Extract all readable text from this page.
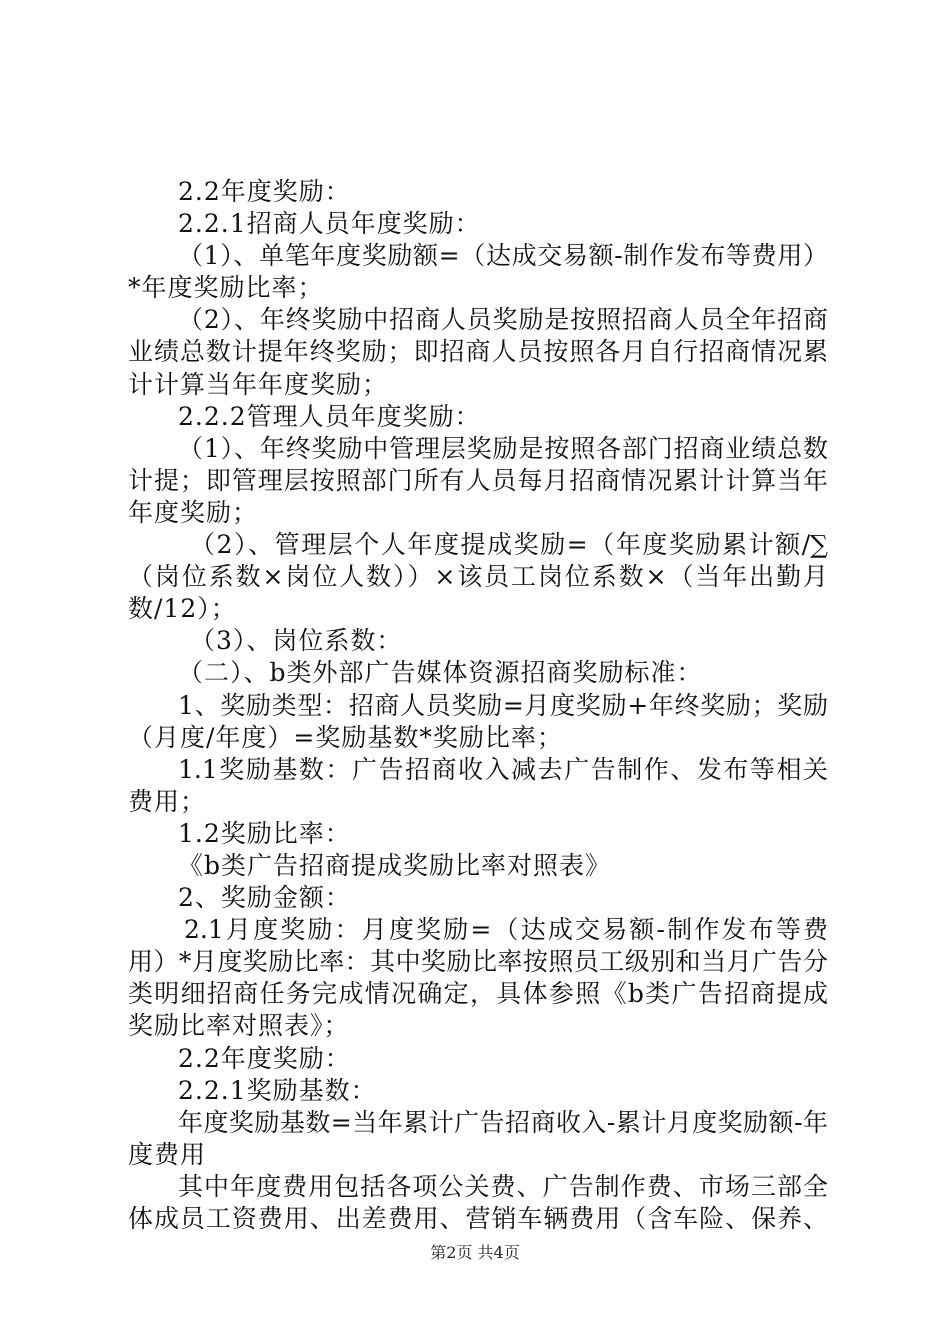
2.2年度奖励：
2.2.1招商人员年度奖励：
（1）、单笔年度奖励额=（达成交易额-制作发布等费用）
*年度奖励比率；
（2）、年终奖励中招商人员奖励是按照招商人员全年招商
业绩总数计提年终奖励；即招商人员按照各月自行招商情况累
计计算当年年度奖励；
2.2.2管理人员年度奖励：
（1）、年终奖励中管理层奖励是按照各部门招商业绩总数
计提；即管理层按照部门所有人员每月招商情况累计计算当年
年度奖励；
（2）、管理层个人年度提成奖励=（年度奖励累计额/∑
（岗位系数×岗位人数））×该员工岗位系数×（当年出勤月
数/12）；
（3）、岗位系数：
（二）、b类外部广告媒体资源招商奖励标准：
1、奖励类型：招商人员奖励=月度奖励+年终奖励；奖励
（月度/年度）=奖励基数*奖励比率；
1.1奖励基数：广告招商收入减去广告制作、发布等相关
费用；
1.2奖励比率：
《b类广告招商提成奖励比率对照表》
2、奖励金额：
2.1月度奖励：月度奖励=（达成交易额-制作发布等费
用）*月度奖励比率：其中奖励比率按照员工级别和当月广告分
类明细招商任务完成情况确定，具体参照《b类广告招商提成
奖励比率对照表》；
2.2年度奖励：
2.2.1奖励基数：
年度奖励基数=当年累计广告招商收入-累计月度奖励额-年
度费用
其中年度费用包括各项公关费、广告制作费、市场三部全
体成员工资费用、出差费用、营销车辆费用（含车险、保养、
第2页 共4页
